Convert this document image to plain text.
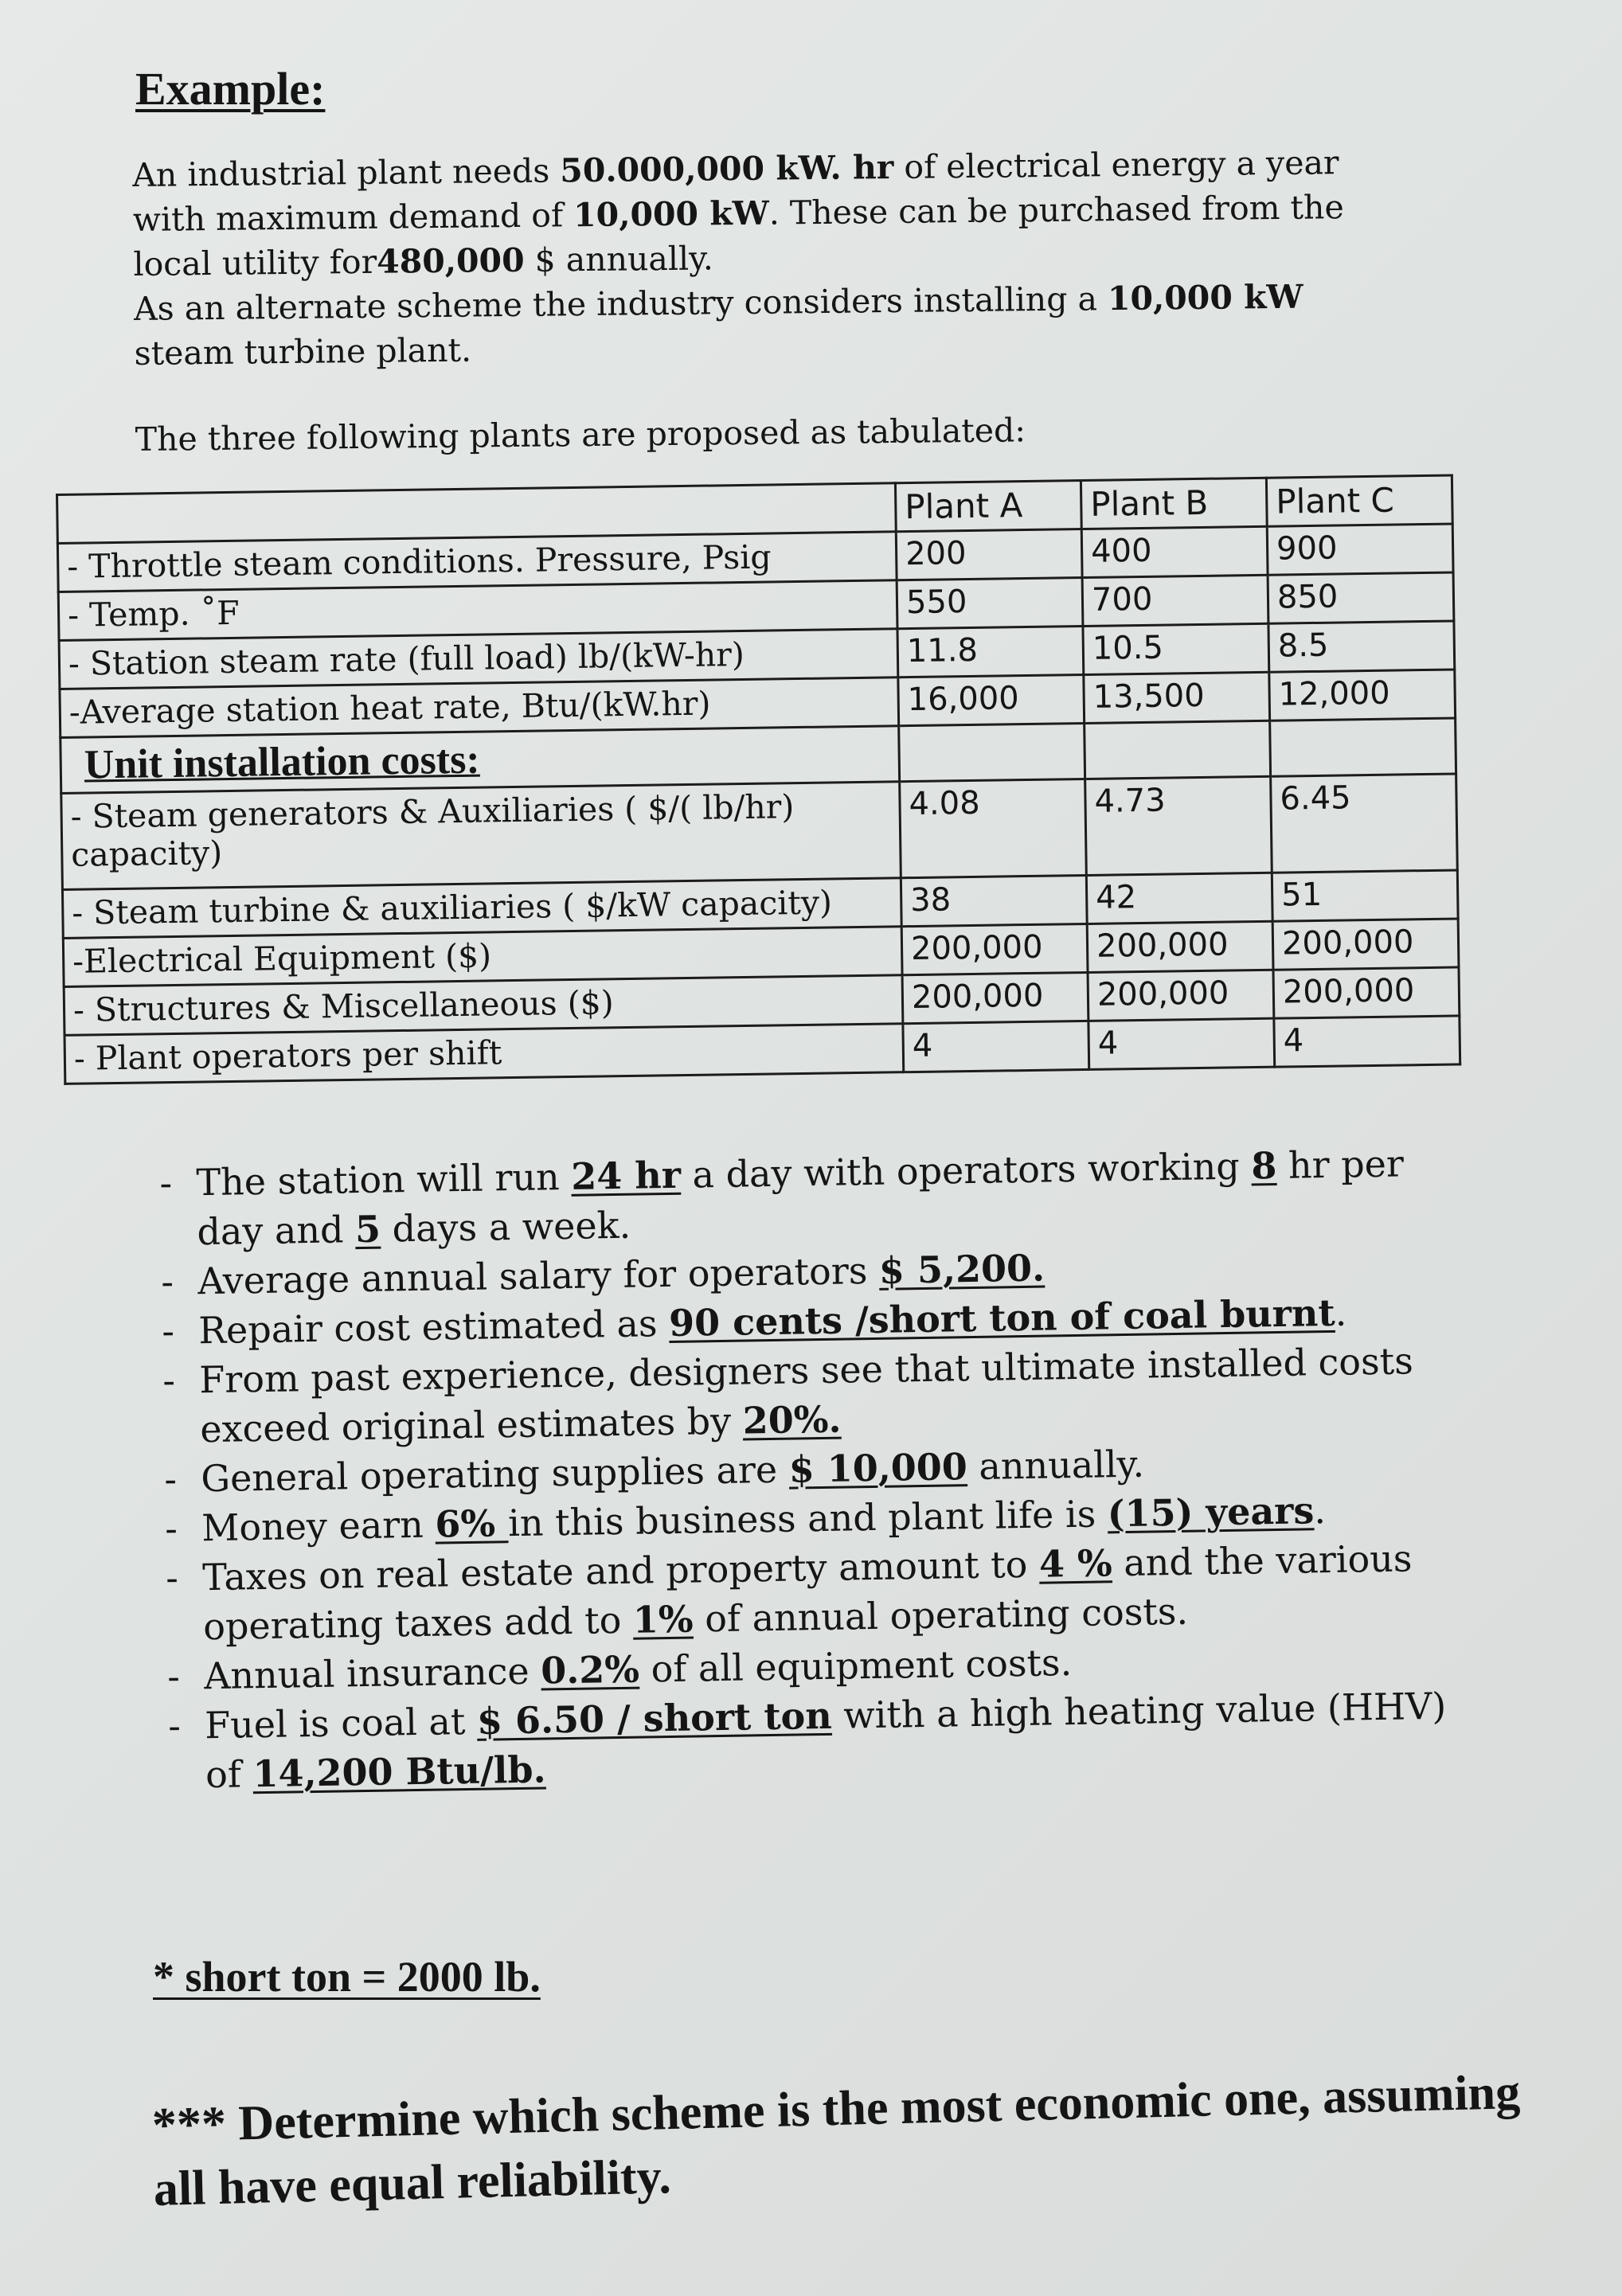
Example:

An industrial plant needs 50.000,000 kW. hr of electrical energy a year with maximum demand of 10,000 kW. These can be purchased from the local utility for480,000 $ annually.

As an alternate scheme the industry considers installing a 10,000 kW steam turbine plant.

The three following plants are proposed as tabulated:

	Plant A	Plant B	Plant C
- Throttle steam conditions. Pressure, Psig	200	400	900
- Temp. ˚F	550	700	850
- Station steam rate (full load) lb/(kW-hr)	11.8	10.5	8.5
-Average station heat rate, Btu/(kW.hr)	16,000	13,500	12,000
Unit installation costs:			
- Steam generators & Auxiliaries ( $/( lb/hr) capacity)	4.08	4.73	6.45
- Steam turbine & auxiliaries ( $/kW capacity)	38	42	51
-Electrical Equipment ($)	200,000	200,000	200,000
- Structures & Miscellaneous ($)	200,000	200,000	200,000
- Plant operators per shift	4	4	4
- The station will run 24 hr a day with operators working 8 hr per day and 5 days a week.
- Average annual salary for operators $ 5,200.
- Repair cost estimated as 90 cents /short ton of coal burnt.
- From past experience, designers see that ultimate installed costs exceed original estimates by 20%.
- General operating supplies are $ 10,000 annually.
- Money earn 6% in this business and plant life is (15) years.
- Taxes on real estate and property amount to 4 % and the various operating taxes add to 1% of annual operating costs.
- Annual insurance 0.2% of all equipment costs.
- Fuel is coal at $ 6.50 / short ton with a high heating value (HHV) of 14,200 Btu/lb.
* short ton = 2000 lb.
*** Determine which scheme is the most economic one, assuming all have equal reliability.
